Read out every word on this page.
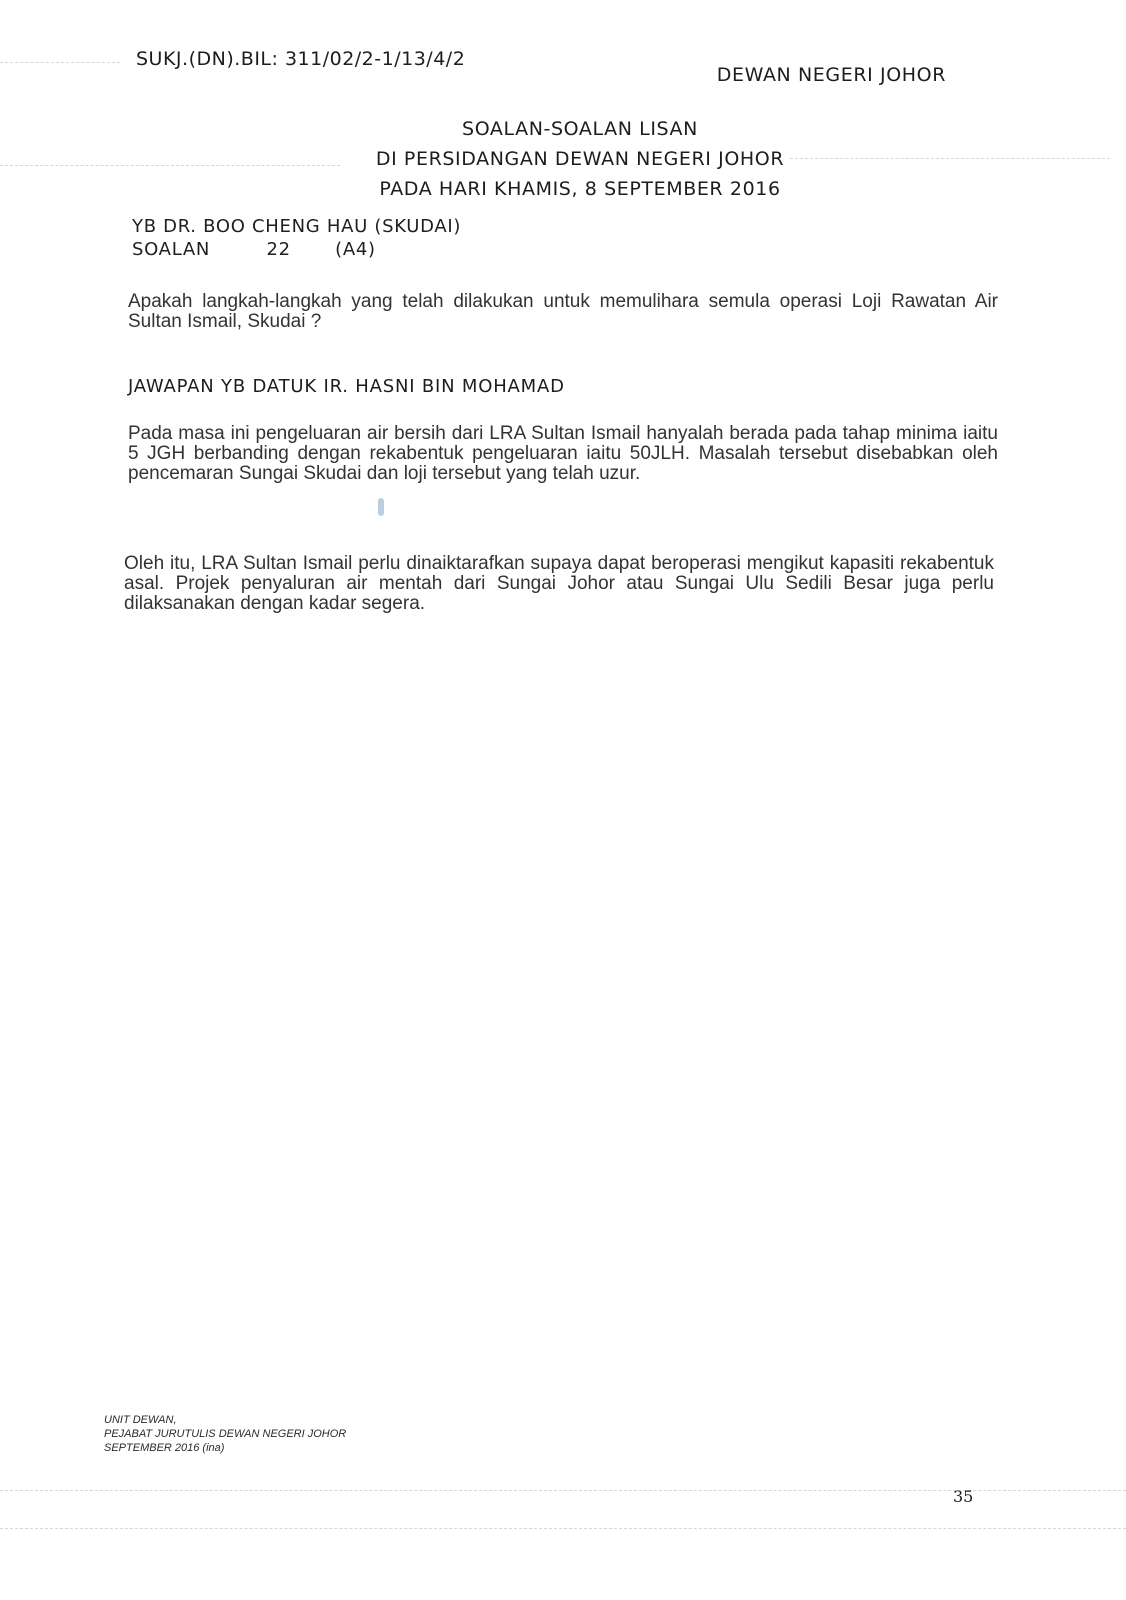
SUKJ.(DN).BIL: 311/02/2-1/13/4/2
DEWAN NEGERI JOHOR
SOALAN-SOALAN LISAN
DI PERSIDANGAN DEWAN NEGERI JOHOR
PADA HARI KHAMIS, 8 SEPTEMBER 2016
YB DR. BOO CHENG HAU (SKUDAI)
SOALAN	22 (A4)
Apakah langkah-langkah yang telah dilakukan untuk memulihara semula operasi Loji Rawatan Air Sultan Ismail, Skudai ?
JAWAPAN YB DATUK IR. HASNI BIN MOHAMAD
Pada masa ini pengeluaran air bersih dari LRA Sultan Ismail hanyalah berada pada tahap minima iaitu 5 JGH berbanding dengan rekabentuk pengeluaran iaitu 50JLH. Masalah tersebut disebabkan oleh pencemaran Sungai Skudai dan loji tersebut yang telah uzur.
Oleh itu, LRA Sultan Ismail perlu dinaiktarafkan supaya dapat beroperasi mengikut kapasiti rekabentuk asal. Projek penyaluran air mentah dari Sungai Johor atau Sungai Ulu Sedili Besar juga perlu dilaksanakan dengan kadar segera.
UNIT DEWAN,
PEJABAT JURUTULIS DEWAN NEGERI JOHOR
SEPTEMBER 2016 (ina)
35
